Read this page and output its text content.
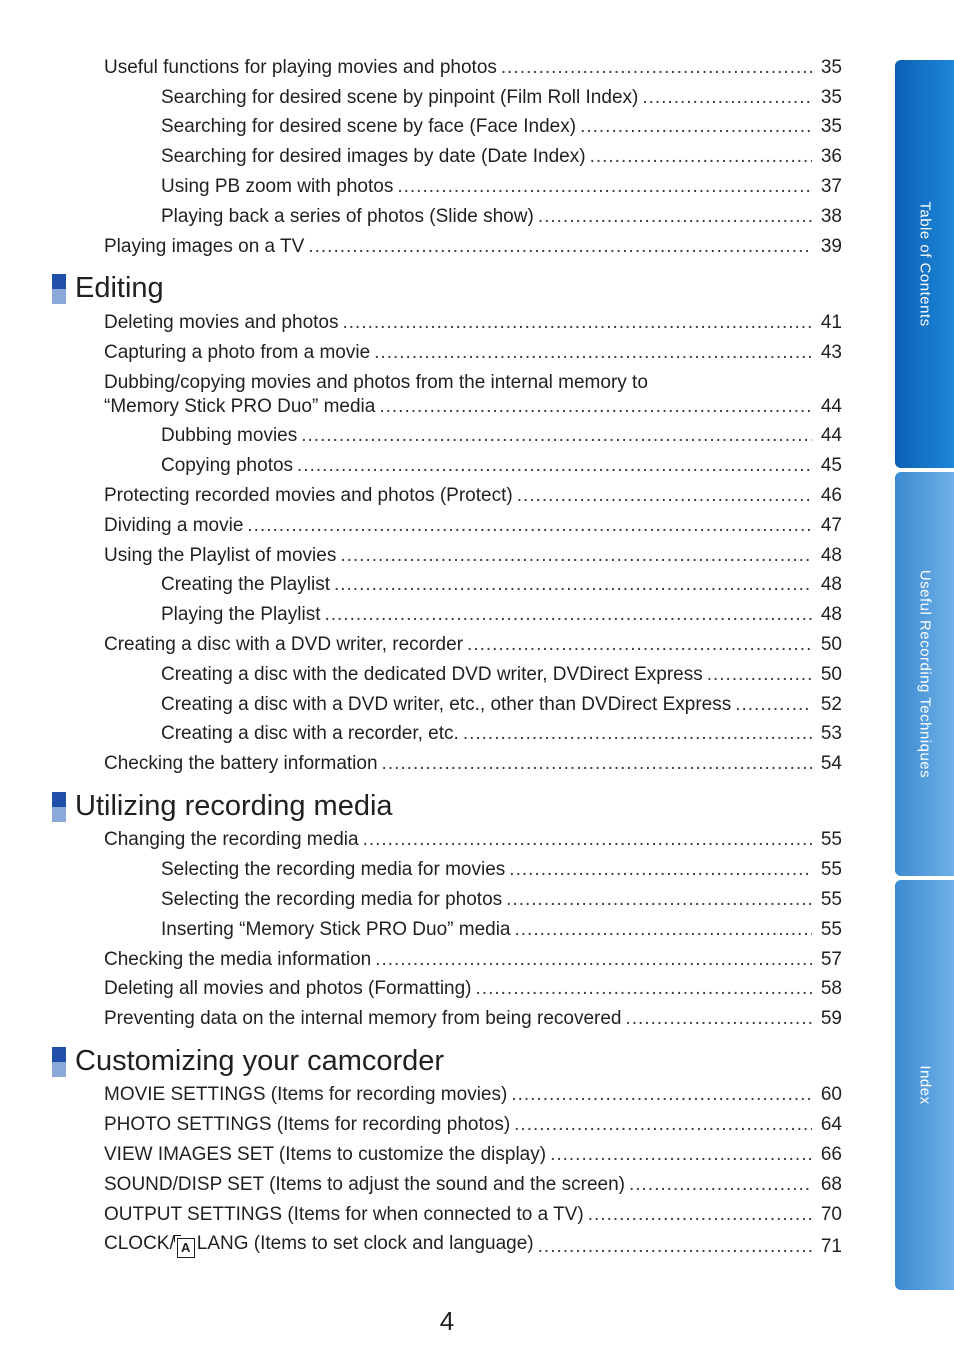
Useful functions for playing movies and photos .....	35
Searching for desired scene by pinpoint (Film Roll Index) .....	35
Searching for desired scene by face (Face Index) .....	35
Searching for desired images by date (Date Index) .....	36
Using PB zoom with photos .....	37
Playing back a series of photos (Slide show) .....	38
Playing images on a TV .....	39
Editing
Deleting movies and photos .....	41
Capturing a photo from a movie .....	43
Dubbing/copying movies and photos from the internal memory to
“Memory Stick PRO Duo” media .....	44
Dubbing movies .....	44
Copying photos .....	45
Protecting recorded movies and photos (Protect) .....	46
Dividing a movie .....	47
Using the Playlist of movies .....	48
Creating the Playlist .....	48
Playing the Playlist .....	48
Creating a disc with a DVD writer, recorder .....	50
Creating a disc with the dedicated DVD writer, DVDirect Express .....	50
Creating a disc with a DVD writer, etc., other than DVDirect Express .....	52
Creating a disc with a recorder, etc. .....	53
Checking the battery information .....	54
Utilizing recording media
Changing the recording media .....	55
Selecting the recording media for movies .....	55
Selecting the recording media for photos .....	55
Inserting “Memory Stick PRO Duo” media .....	55
Checking the media information .....	57
Deleting all movies and photos (Formatting) .....	58
Preventing data on the internal memory from being recovered .....	59
Customizing your camcorder
MOVIE SETTINGS (Items for recording movies) .....	60
PHOTO SETTINGS (Items for recording photos) .....	64
VIEW IMAGES SET (Items to customize the display) .....	66
SOUND/DISP SET (Items to adjust the sound and the screen) .....	68
OUTPUT SETTINGS (Items for when connected to a TV) .....	70
CLOCK/ A LANG (Items to set clock and language) .....	71
Table of Contents
Useful Recording Techniques
Index
4
